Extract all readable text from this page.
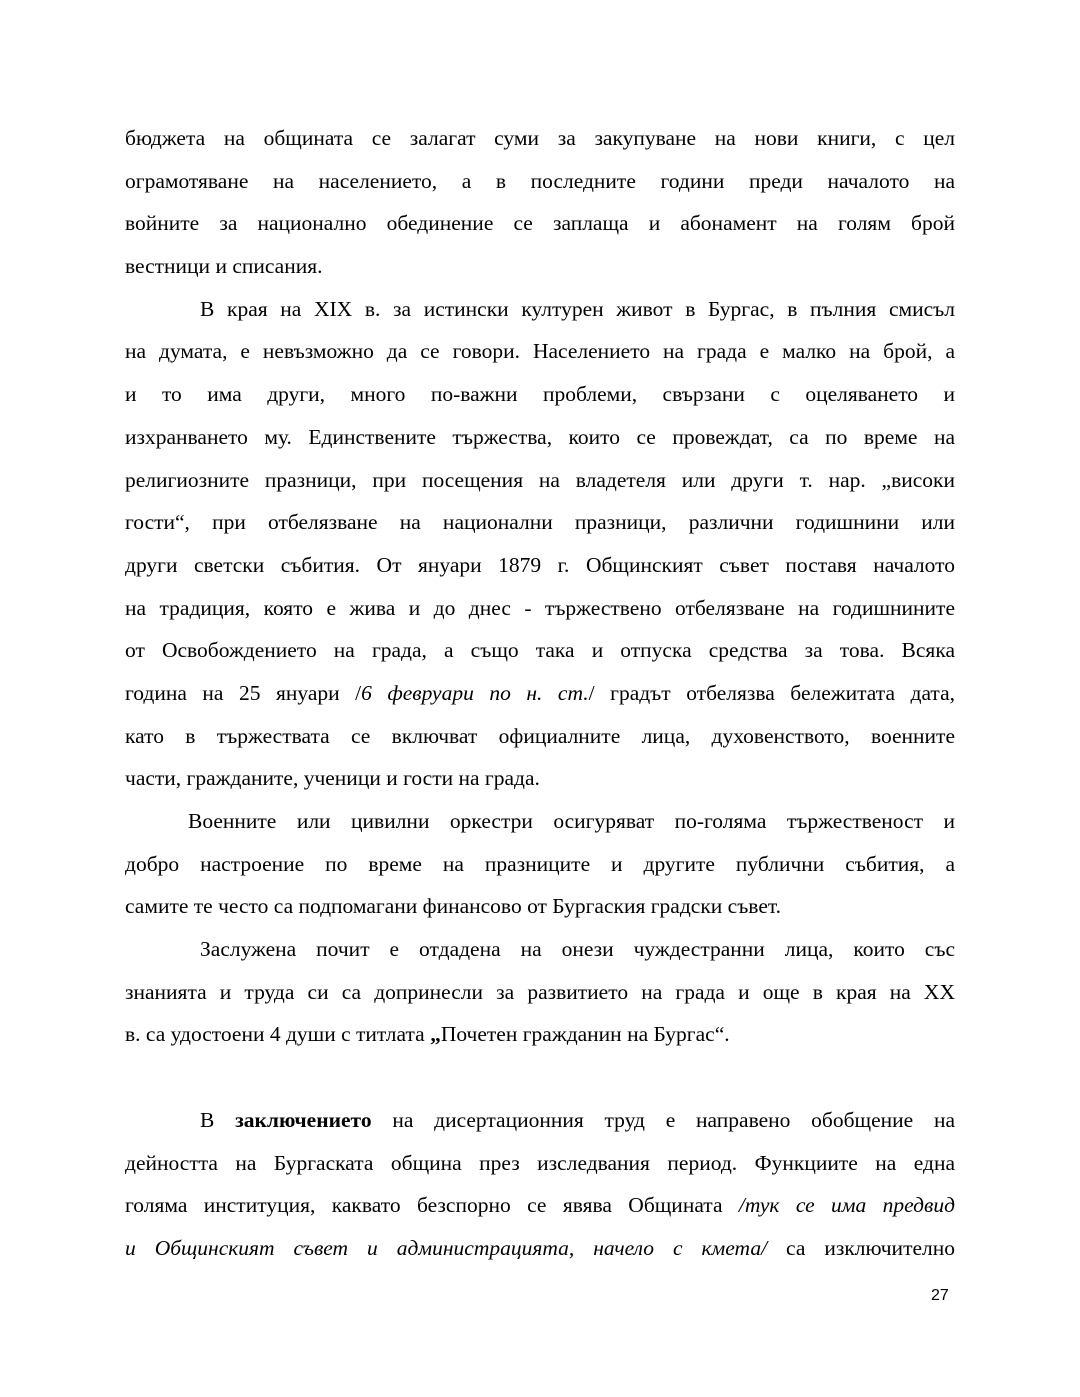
бюджета на общината се залагат суми за закупуване на нови книги, с цел
ограмотяване на населението, а в последните години преди началото на
войните за национално обединение се заплаща и абонамент на голям брой
вестници и списания.
В края на XIX в. за истински културен живот в Бургас, в пълния смисъл
на думата, е невъзможно да се говори. Населението на града е малко на брой, а
и то има други, много по-важни проблеми, свързани с оцеляването и
изхранването му. Единствените тържества, които се провеждат, са по време на
религиозните празници, при посещения на владетеля или други т. нар. „високи
гости“, при отбелязване на национални празници, различни годишнини или
други светски събития. От януари 1879 г. Общинският съвет поставя началото
на традиция, която е жива и до днес - тържествено отбелязване на годишнините
от Освобождението на града, а също така и отпуска средства за това. Всяка
година на 25 януари /6 февруари по н. ст./ градът отбелязва бележитата дата,
като в тържествата се включват официалните лица, духовенството, военните
части, гражданите, ученици и гости на града.
Военните или цивилни оркестри осигуряват по-голяма тържественост и
добро настроение по време на празниците и другите публични събития, а
самите те често са подпомагани финансово от Бургаския градски съвет.
Заслужена почит е отдадена на онези чуждестранни лица, които със
знанията и труда си са допринесли за развитието на града и още в края на XX
в. са удостоени 4 души с титлата „Почетен гражданин на Бургас“.
В заключението на дисертационния труд е направено обобщение на
дейността на Бургаската община през изследвания период. Функциите на една
голяма институция, каквато безспорно се явява Общината /тук се има предвид
и Общинският съвет и администрацията, начело с кмета/ са изключително
27
